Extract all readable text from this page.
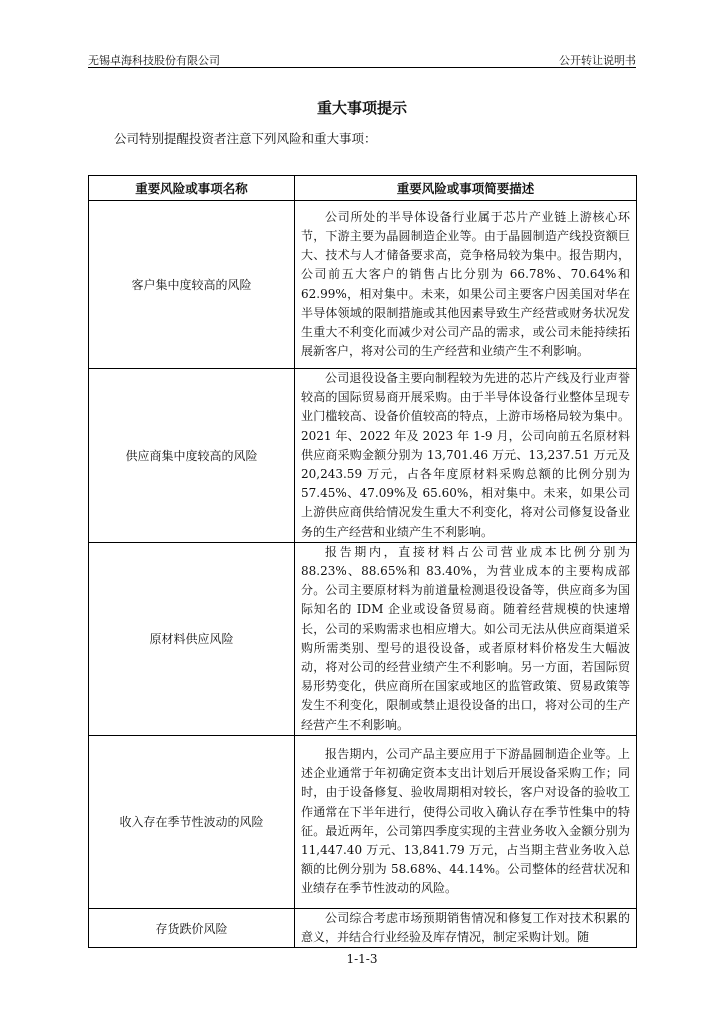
无锡卓海科技股份有限公司	公开转让说明书
重大事项提示
公司特别提醒投资者注意下列风险和重大事项：
重要风险或事项名称	重要风险或事项简要描述
客户集中度较高的风险	公司所处的半导体设备行业属于芯片产业链上游核心环节，下游主要为晶圆制造企业等。由于晶圆制造产线投资额巨大、技术与人才储备要求高，竞争格局较为集中。报告期内，公司前五大客户的销售占比分别为 66.78%、70.64%和 62.99%，相对集中。未来，如果公司主要客户因美国对华在半导体领域的限制措施或其他因素导致生产经营或财务状况发生重大不利变化而减少对公司产品的需求，或公司未能持续拓展新客户，将对公司的生产经营和业绩产生不利影响。

供应商集中度较高的风险	公司退役设备主要向制程较为先进的芯片产线及行业声誉较高的国际贸易商开展采购。由于半导体设备行业整体呈现专业门槛较高、设备价值较高的特点，上游市场格局较为集中。2021 年、2022 年及 2023 年 1-9 月，公司向前五名原材料供应商采购金额分别为 13,701.46 万元、13,237.51 万元及 20,243.59 万元，占各年度原材料采购总额的比例分别为 57.45%、47.09%及 65.60%，相对集中。未来，如果公司上游供应商供给情况发生重大不利变化，将对公司修复设备业务的生产经营和业绩产生不利影响。

原材料供应风险	报告期内，直接材料占公司营业成本比例分别为 88.23%、88.65%和 83.40%，为营业成本的主要构成部分。公司主要原材料为前道量检测退役设备等，供应商多为国际知名的 IDM 企业或设备贸易商。随着经营规模的快速增长，公司的采购需求也相应增大。如公司无法从供应商渠道采购所需类别、型号的退役设备，或者原材料价格发生大幅波动，将对公司的经营业绩产生不利影响。另一方面，若国际贸易形势变化，供应商所在国家或地区的监管政策、贸易政策等发生不利变化，限制或禁止退役设备的出口，将对公司的生产经营产生不利影响。

收入存在季节性波动的风险	报告期内，公司产品主要应用于下游晶圆制造企业等。上述企业通常于年初确定资本支出计划后开展设备采购工作；同时，由于设备修复、验收周期相对较长，客户对设备的验收工作通常在下半年进行，使得公司收入确认存在季节性集中的特征。最近两年，公司第四季度实现的主营业务收入金额分别为 11,447.40 万元、13,841.79 万元，占当期主营业务收入总额的比例分别为 58.68%、44.14%。公司整体的经营状况和业绩存在季节性波动的风险。

存货跌价风险	公司综合考虑市场预期销售情况和修复工作对技术积累的意义，并结合行业经验及库存情况，制定采购计划。随

1-1-3
